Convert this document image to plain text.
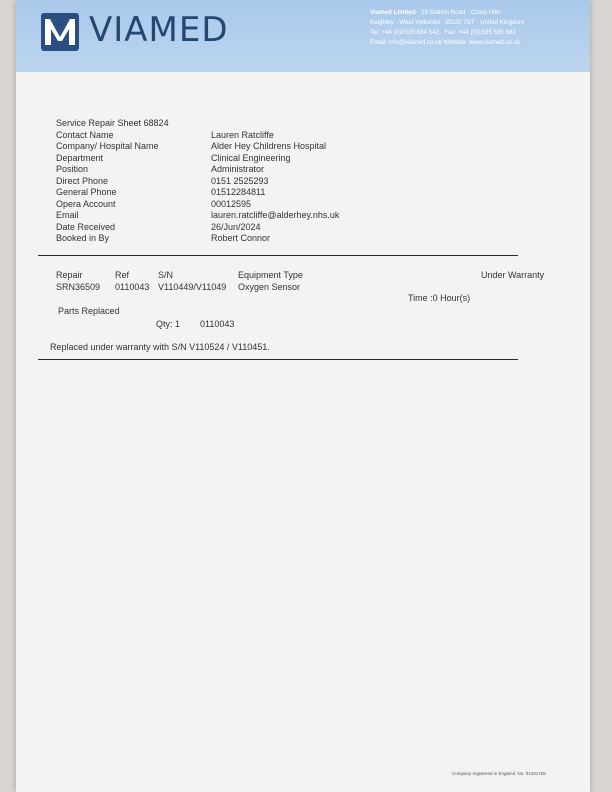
VIAMED	Viamed Limited · 15 Station Road · Cross Hills
Keighley · West Yorkshire · BD20 7DT · United Kingdom
Tel: +44 (0)1535 634 542 · Fax: +44 (0)1535 635 582
Email: info@viamed.co.uk Website: www.viamed.co.uk
Service Repair Sheet 68824
Contact Name	Lauren Ratcliffe
Company/ Hospital Name	Alder Hey Childrens Hospital
Department	Clinical Engineering
Position	Administrator
Direct Phone	0151 2525293
General Phone	01512284811
Opera Account	00012595
Email	lauren.ratcliffe@alderhey.nhs.uk
Date Received	26/Jun/2024
Booked in By	Robert Connor
Repair	Ref	S/N	Equipment Type	Under Warranty
SRN36509 0110043 V110449/V11049 Oxygen Sensor
Time :0 Hour(s)
Parts Replaced
Qty: 1 0110043
Replaced under warranty with S/N V110524 / V110451.
Company registered in England. No. 01281765
